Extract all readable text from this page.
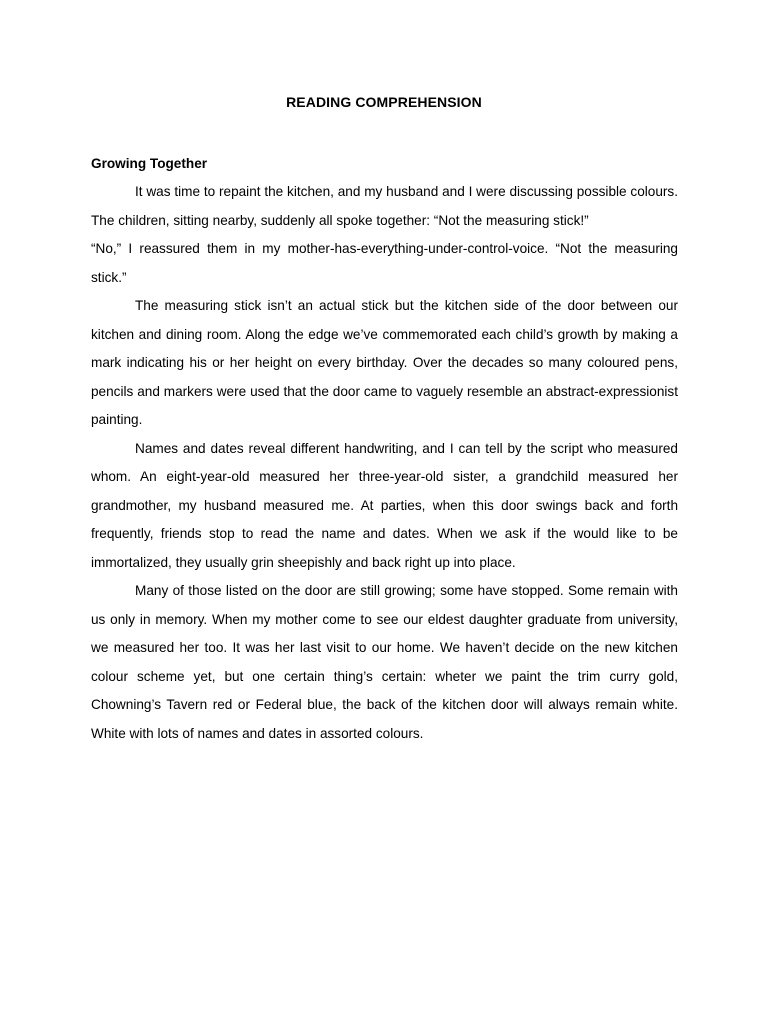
READING COMPREHENSION
Growing Together

It was time to repaint the kitchen, and my husband and I were discussing possible colours. The children, sitting nearby, suddenly all spoke together: “Not the measuring stick!”

“No,” I reassured them in my mother-has-everything-under-control-voice. “Not the measuring stick.”

The measuring stick isn’t an actual stick but the kitchen side of the door between our kitchen and dining room. Along the edge we’ve commemorated each child’s growth by making a mark indicating his or her height on every birthday. Over the decades so many coloured pens, pencils and markers were used that the door came to vaguely resemble an abstract-expressionist painting.

Names and dates reveal different handwriting, and I can tell by the script who measured whom. An eight-year-old measured her three-year-old sister, a grandchild measured her grandmother, my husband measured me. At parties, when this door swings back and forth frequently, friends stop to read the name and dates. When we ask if the would like to be immortalized, they usually grin sheepishly and back right up into place.

Many of those listed on the door are still growing; some have stopped. Some remain with us only in memory. When my mother come to see our eldest daughter graduate from university, we measured her too. It was her last visit to our home. We haven’t decide on the new kitchen colour scheme yet, but one certain thing’s certain: wheter we paint the trim curry gold, Chowning’s Tavern red or Federal blue, the back of the kitchen door will always remain white. White with lots of names and dates in assorted colours.
